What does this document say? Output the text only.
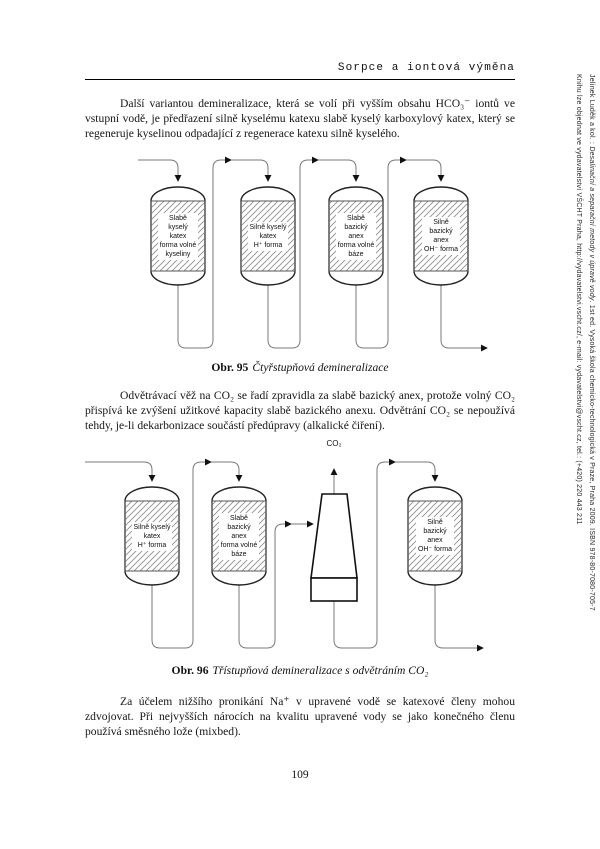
Sorpce a iontová výměna

Další variantou demineralizace, která se volí při vyšším obsahu HCO₃⁻ iontů ve vstupní vodě, je předřazení silně kyselému katexu slabě kyselý karboxylový katex, který se regeneruje kyselinou odpadající z regenerace katexu silně kyselého.

Slabě
kyselý
katex
forma volné
kyseliny
Silně kyselý
katex
H⁺ forma
Slabě
bazický
anex
forma volné
báze
Silně
bazický
anex
OH⁻ forma
Obr. 95 Čtyřstupňová demineralizace

Odvětrávací věž na CO₂ se řadí zpravidla za slabě bazický anex, protože volný CO₂ přispívá ke zvýšení užitkové kapacity slabě bazického anexu. Odvětrání CO₂ se nepoužívá tehdy, je-li dekarbonizace součástí předúpravy (alkalické čiření).

CO₂
Silně kyselý
katex
H⁺ forma
Slabě
bazický
anex
forma volné
báze
Silně
bazický
anex
OH⁻ forma
Obr. 96 Třístupňová demineralizace s odvětráním CO₂

Za účelem nižšího pronikání Na⁺ v upravené vodě se katexové členy mohou zdvojovat. Při nejvyšších nárocích na kvalitu upravené vody se jako konečného členu používá směsného lože (mixbed).

109
Jelínek Luděk a kol. : Desalinační a separační metody v úpravě vody. 1st ed. Vysoká škola chemicko-technologická v Praze, Praha 2009. ISBN 978-80-7080-705-7
Knihu lze objednat ve vydavatelství VŠCHT Praha, http://vydavatelstvi.vscht.cz/, e-mail: vydavatelstvi@vscht.cz, tel.: (+420) 220 443 211
